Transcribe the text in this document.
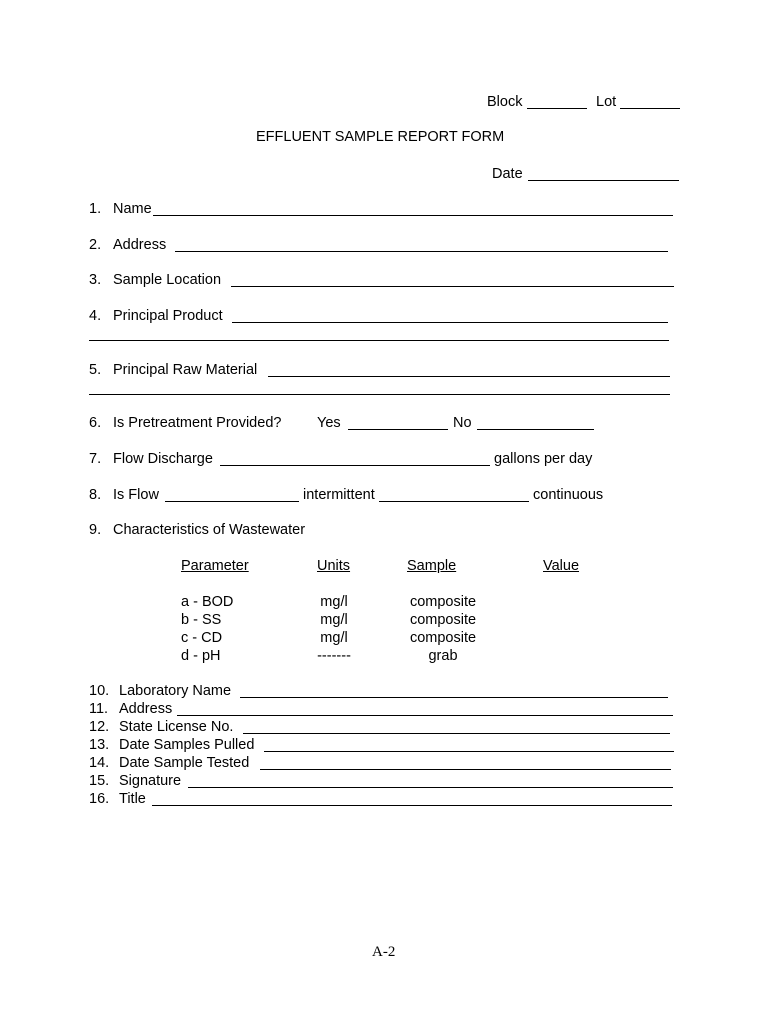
Block	Lot
EFFLUENT SAMPLE REPORT FORM
Date
1. Name
2. Address
3. Sample Location
4. Principal Product
5. Principal Raw Material
6. Is Pretreatment Provided? Yes	No
7. Flow Discharge	gallons per day
8. Is Flow	intermittent	continuous
9. Characteristics of Wastewater
Parameter	Units	Sample	Value
a - BOD	mg/l	composite
b - SS	mg/l	composite
c - CD	mg/l	composite
d - pH	-------	grab
10. Laboratory Name
11. Address
12. State License No.
13. Date Samples Pulled
14. Date Sample Tested
15. Signature
16. Title
A-2
